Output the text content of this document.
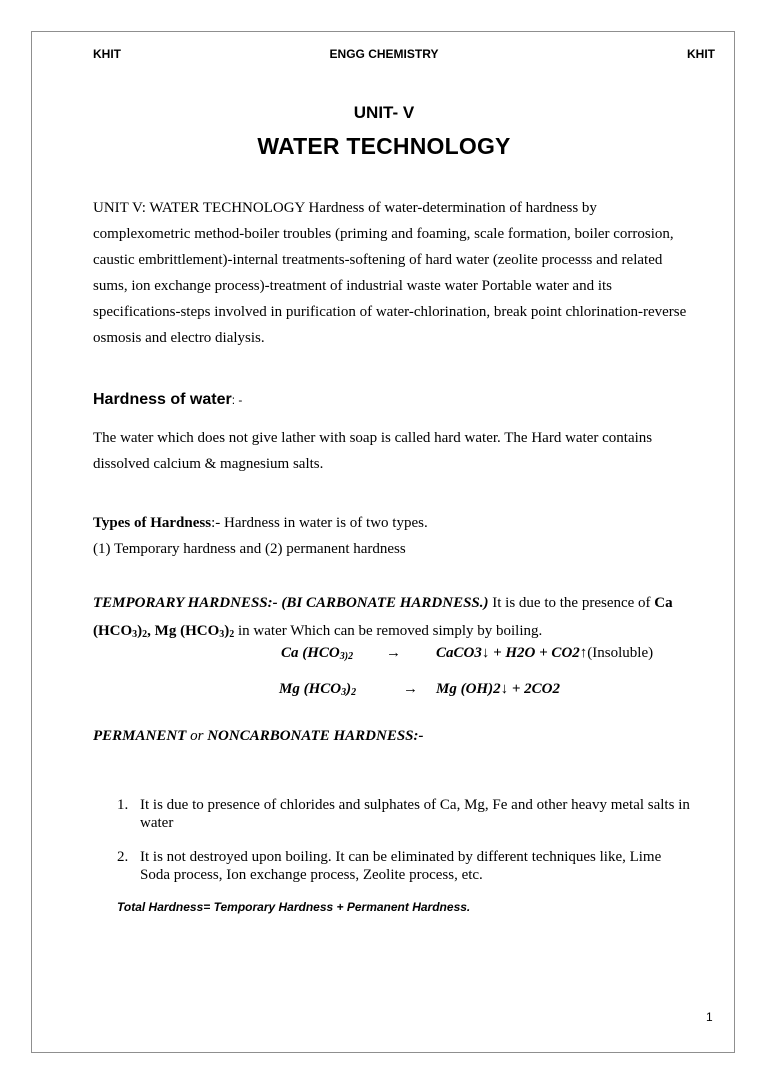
KHIT	ENGG CHEMISTRY	KHIT
UNIT- V
WATER TECHNOLOGY
UNIT V: WATER TECHNOLOGY Hardness of water-determination of hardness by
complexometric method-boiler troubles (priming and foaming, scale formation, boiler corrosion,
caustic embrittlement)-internal treatments-softening of hard water (zeolite processs and related
sums, ion exchange process)-treatment of industrial waste water Portable water and its
specifications-steps involved in purification of water-chlorination, break point chlorination-reverse
osmosis and electro dialysis.
Hardness of water: -
The water which does not give lather with soap is called hard water. The Hard water contains
dissolved calcium & magnesium salts.
Types of Hardness:- Hardness in water is of two types.
(1) Temporary hardness and (2) permanent hardness
TEMPORARY HARDNESS:- (BI CARBONATE HARDNESS.) It is due to the presence of Ca
$(HCO_3)_2$, Mg $(HCO_3)_2$ in water Which can be removed simply by boiling.
Ca ($HCO_{3)2}$ → CaCO3↓ + H2O + CO2↑(Insoluble)
Mg $(HCO_3)_2$	→ Mg (OH)2↓ + 2CO2
PERMANENT or NONCARBONATE HARDNESS:-
1. It is due to presence of chlorides and sulphates of Ca, Mg, Fe and other heavy metal salts in
water
2. It is not destroyed upon boiling. It can be eliminated by different techniques like, Lime
Soda process, Ion exchange process, Zeolite process, etc.
Total Hardness= Temporary Hardness + Permanent Hardness.
1
